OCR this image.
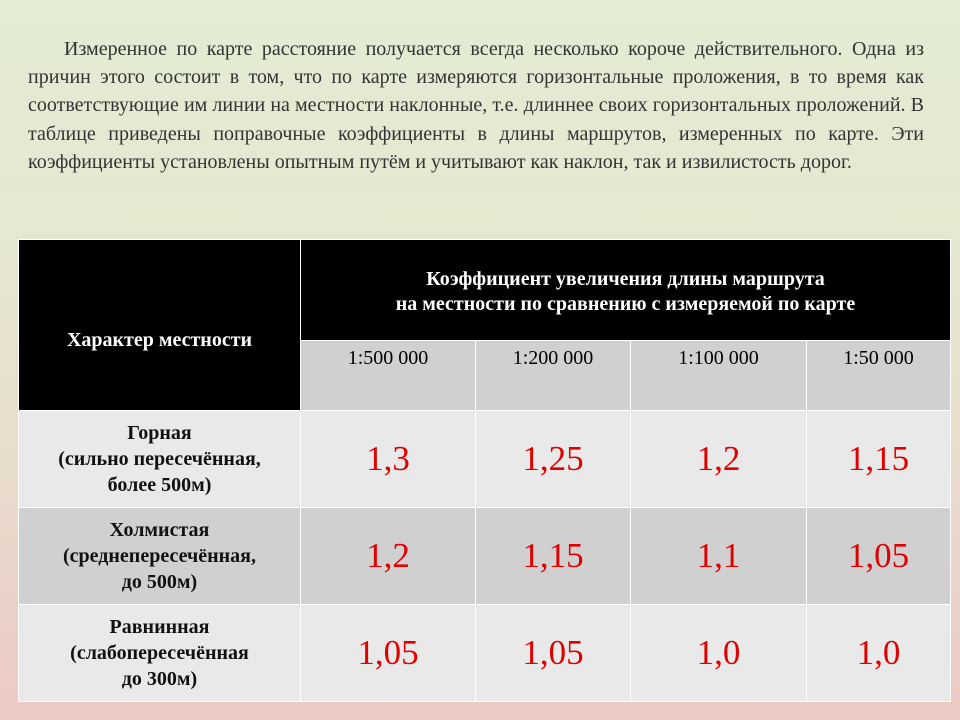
Измеренное по карте расстояние получается всегда несколько короче действительного. Одна из причин этого состоит в том, что по карте измеряются горизонтальные проложения, в то время как соответствующие им линии на местности наклонные, т.е. длиннее своих горизонтальных проложений. В таблице приведены поправочные коэффициенты в длины маршрутов, измеренных по карте. Эти коэффициенты установлены опытным путём и учитывают как наклон, так и извилистость дорог.

Характер местности	Коэффициент увеличения длины маршрута
на местности по сравнению с измеряемой по карте			

	1:500 000	1:200 000	1:100 000	1:50 000

Горная
(сильно пересечённая,
более 500м)	1,3	1,25	1,2	1,15

Холмистая
(среднепересечённая,
до 500м)	1,2	1,15	1,1	1,05

Равнинная
(слабопересечённая
до 300м)	1,05	1,05	1,0	1,0
